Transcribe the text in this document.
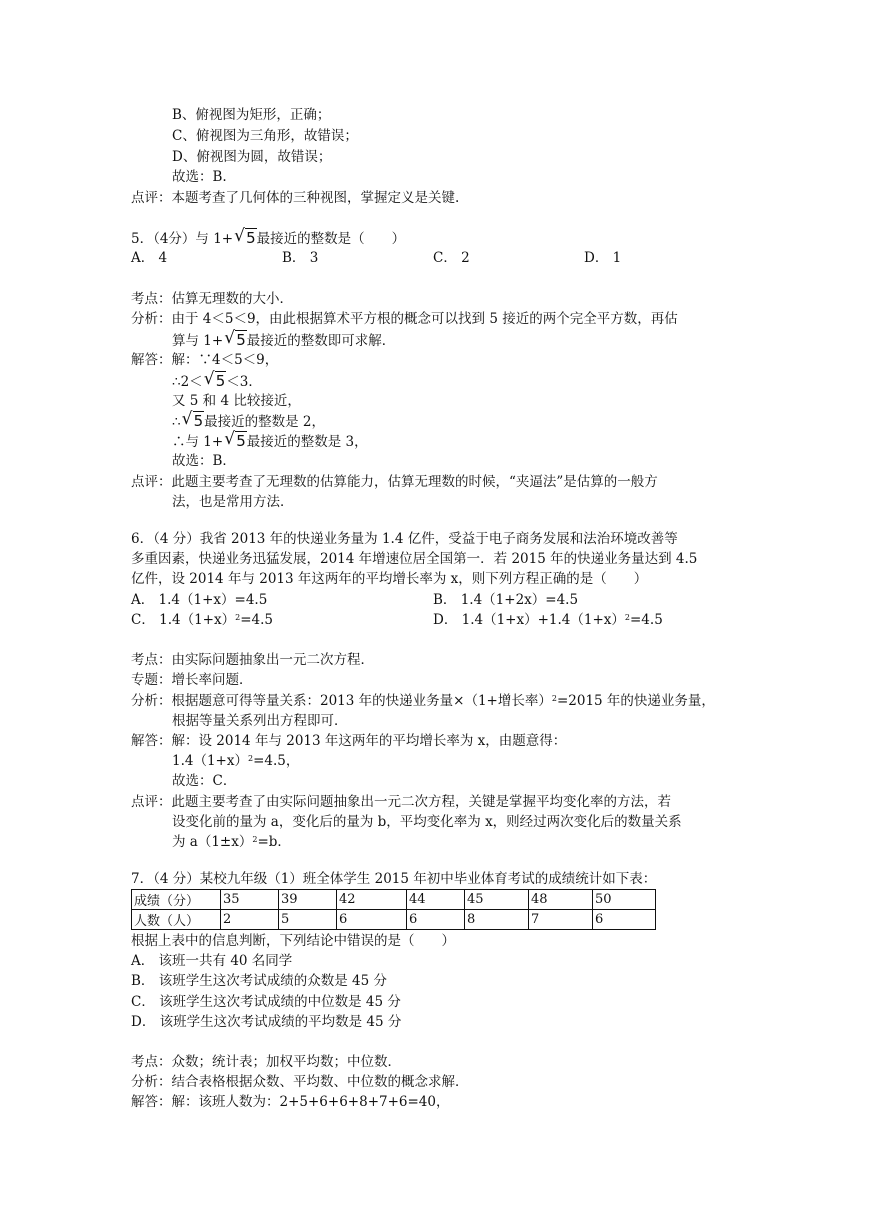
B、俯视图为矩形，正确；
C、俯视图为三角形，故错误；
D、俯视图为圆，故错误；
故选：B.
点评：本题考查了几何体的三种视图，掌握定义是关键.
5．（4分）与 1+ √ 5最接近的整数是（　　）
A． 4	B． 3	C． 2	D． 1
考点：估算无理数的大小．
分析：由于 4＜5＜9，由此根据算术平方根的概念可以找到 5 接近的两个完全平方数，再估
算与 1+ √ 5最接近的整数即可求解．
解答：解：∵4＜5＜9，
∴2＜ √ 5＜3．
又 5 和 4 比较接近，
∴ √ 5最接近的整数是 2，
∴与 1+ √ 5最接近的整数是 3，
故选：B．
点评：此题主要考查了无理数的估算能力，估算无理数的时候，“夹逼法”是估算的一般方
法，也是常用方法．
6．（4 分）我省 2013 年的快递业务量为 1.4 亿件，受益于电子商务发展和法治环境改善等
多重因素，快递业务迅猛发展，2014 年增速位居全国第一．若 2015 年的快递业务量达到 4.5
亿件，设 2014 年与 2013 年这两年的平均增长率为 x，则下列方程正确的是（　　）
A． 1.4（1+x）=4.5	B． 1.4（1+2x）=4.5
C． $1.4(1+x)^2=4.5$	D． $1.4(1+x)+1.4(1+x)^2=4.5$
考点：由实际问题抽象出一元二次方程．
专题：增长率问题．
分析：根据题意可得等量关系：2013 年的快递业务量×（1+增长率）$^2$=2015 年的快递业务量，
根据等量关系列出方程即可．
解答：解：设 2014 年与 2013 年这两年的平均增长率为 x，由题意得：
$1.4(1+x)^2=4.5$，
故选：C．
点评：此题主要考查了由实际问题抽象出一元二次方程，关键是掌握平均变化率的方法，若
设变化前的量为 a，变化后的量为 b，平均变化率为 x，则经过两次变化后的数量关系
为 $a(1\pm x)^2=b$．
7．（4 分）某校九年级（1）班全体学生 2015 年初中毕业体育考试的成绩统计如下表：
成绩（分）	35	39	42	44	45	48	50
人数（人）	2	5	6	6	8	7	6
根据上表中的信息判断，下列结论中错误的是（　　）
A． 该班一共有 40 名同学
B． 该班学生这次考试成绩的众数是 45 分
C． 该班学生这次考试成绩的中位数是 45 分
D． 该班学生这次考试成绩的平均数是 45 分
考点：众数；统计表；加权平均数；中位数．
分析：结合表格根据众数、平均数、中位数的概念求解．
解答：解：该班人数为：2+5+6+6+8+7+6=40，
